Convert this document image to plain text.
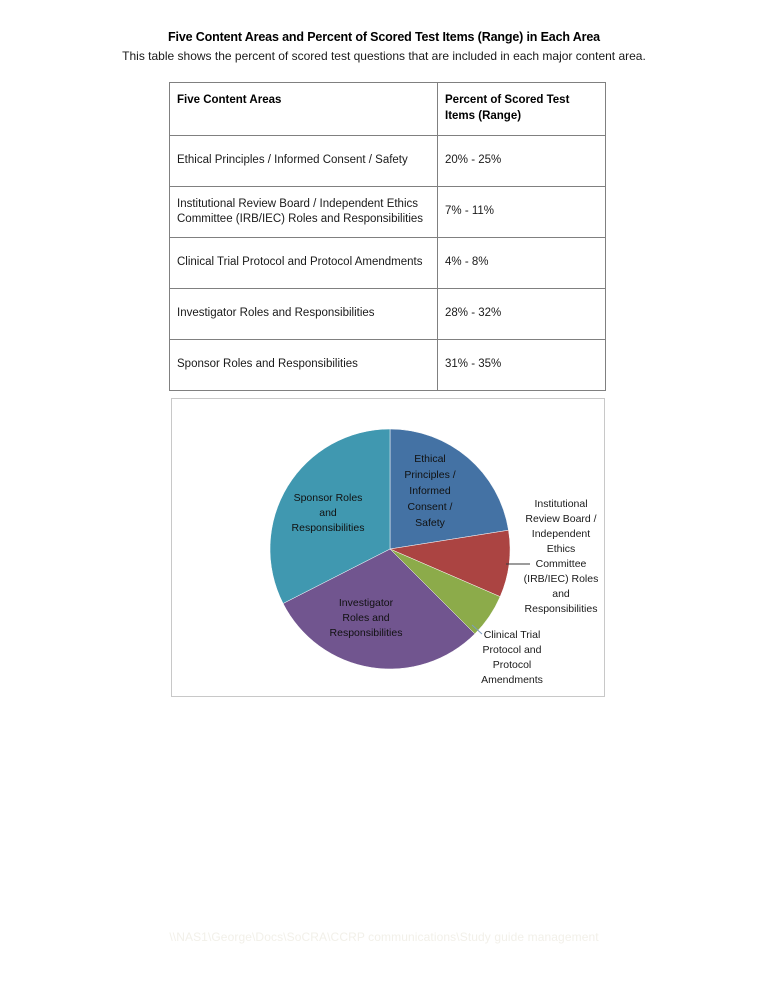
Five Content Areas and Percent of Scored Test Items (Range) in Each Area
This table shows the percent of scored test questions that are included in each major content area.
Five Content Areas	Percent of Scored Test Items (Range)
Ethical Principles / Informed Consent / Safety	20% - 25%
Institutional Review Board / Independent Ethics Committee (IRB/IEC) Roles and Responsibilities	7% - 11%
Clinical Trial Protocol and Protocol Amendments	4% - 8%
Investigator Roles and Responsibilities	28% - 32%
Sponsor Roles and Responsibilities	31% - 35%
Ethical
Principles /
Informed
Consent /
Safety
Institutional
Review Board /
Independent
Ethics
Committee
(IRB/IEC) Roles
and
Responsibilities
Clinical Trial
Protocol and
Protocol
Amendments
Investigator
Roles and
Responsibilities
Sponsor Roles
and
Responsibilities
\\NAS1\George\Docs\SoCRA\CCRP communications\Study guide management
